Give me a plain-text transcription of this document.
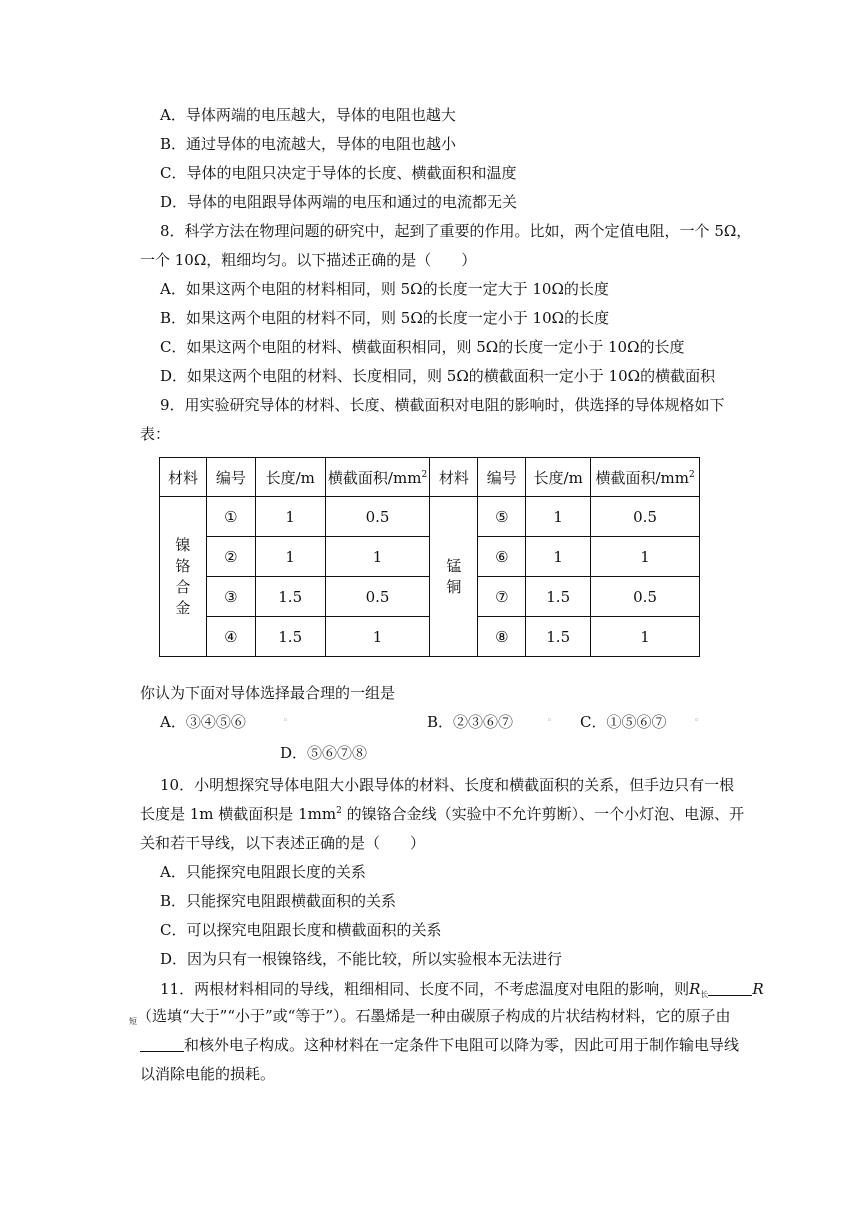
A．导体两端的电压越大，导体的电阻也越大
B．通过导体的电流越大，导体的电阻也越小
C．导体的电阻只决定于导体的长度、横截面积和温度
D．导体的电阻跟导体两端的电压和通过的电流都无关
8．科学方法在物理问题的研究中，起到了重要的作用。比如，两个定值电阻，一个 5Ω，
一个 10Ω，粗细均匀。以下描述正确的是（　　）
A．如果这两个电阻的材料相同，则 5Ω的长度一定大于 10Ω的长度
B．如果这两个电阻的材料不同，则 5Ω的长度一定小于 10Ω的长度
C．如果这两个电阻的材料、横截面积相同，则 5Ω的长度一定小于 10Ω的长度
D．如果这两个电阻的材料、长度相同，则 5Ω的横截面积一定小于 10Ω的横截面积
9．用实验研究导体的材料、长度、横截面积对电阻的影响时，供选择的导体规格如下
表：
材料	编号	长度/m	横截面积$/mm^2$	材料	编号	长度/m	横截面积$/mm^2$
镍铬合金	①	1	0.5	锰铜	⑤	1	0.5
	②	1	1		⑥	1	1
	③	1.5	0.5		⑦	1.5	0.5
	④	1.5	1		⑧	1.5	1
你认为下面对导体选择最合理的一组是
A．③④⑤⑥	◦	B．②③⑥⑦	◦ C．①⑤⑥⑦	◦
D．⑤⑥⑦⑧
10．小明想探究导体电阻大小跟导体的材料、长度和横截面积的关系，但手边只有一根
长度是 1m 横截面积是 $1mm^2$ 的镍铬合金线（实验中不允许剪断）、一个小灯泡、电源、开
关和若干导线，以下表述正确的是（　　）
A．只能探究电阻跟长度的关系
B．只能探究电阻跟横截面积的关系
C．可以探究电阻跟长度和横截面积的关系
D．因为只有一根镍铬线，不能比较，所以实验根本无法进行
11．两根材料相同的导线，粗细相同、长度不同，不考虑温度对电阻的影响，则$R_长$	R
$_短$（选填“大于”“小于”或“等于”）。石墨烯是一种由碳原子构成的片状结构材料，它的原子由
和核外电子构成。这种材料在一定条件下电阻可以降为零，因此可用于制作输电导线
以消除电能的损耗。
